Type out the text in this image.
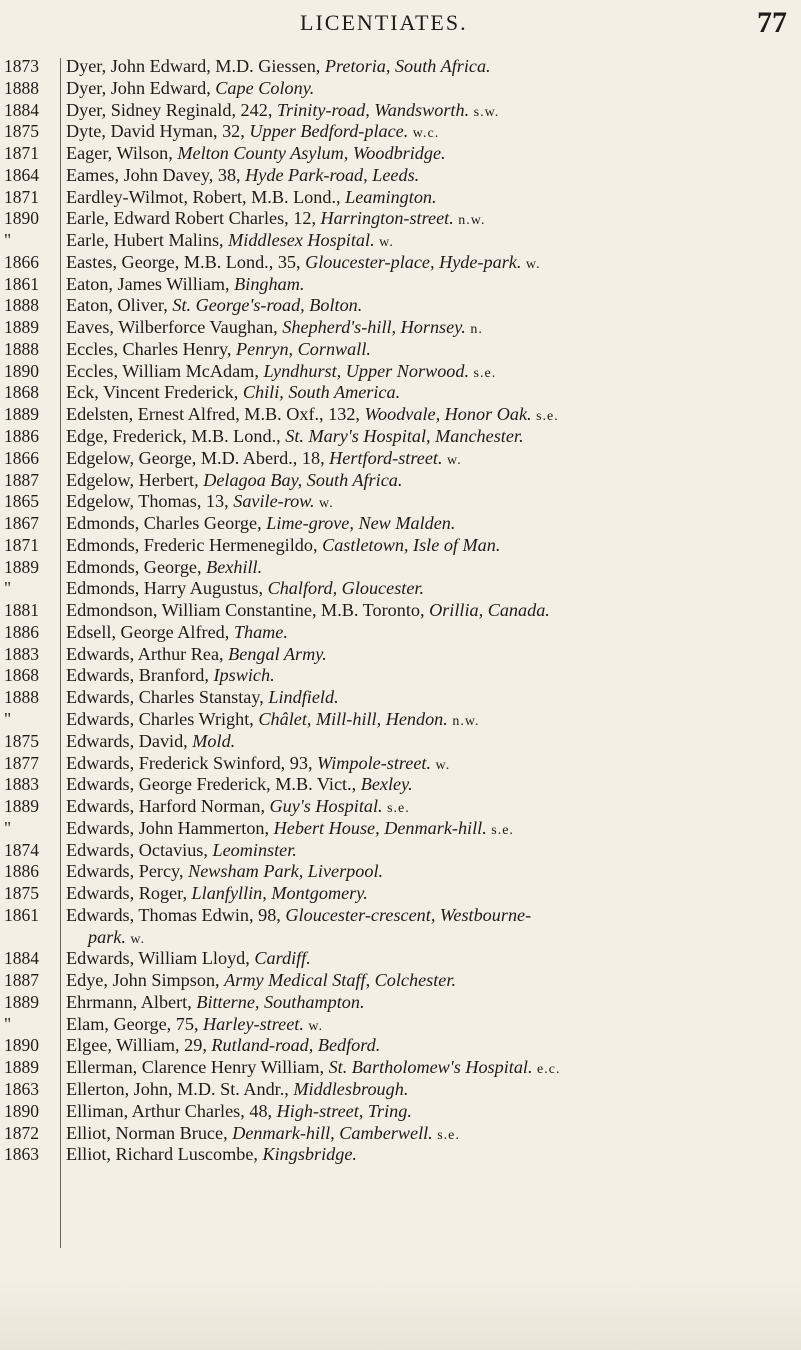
LICENTIATES.	77
1873	Dyer, John Edward, M.D. Giessen, Pretoria, South Africa.
1888	Dyer, John Edward, Cape Colony.
1884	Dyer, Sidney Reginald, 242, Trinity-road, Wandsworth. s.w.
1875	Dyte, David Hyman, 32, Upper Bedford-place. w.c.
1871	Eager, Wilson, Melton County Asylum, Woodbridge.
1864	Eames, John Davey, 38, Hyde Park-road, Leeds.
1871	Eardley-Wilmot, Robert, M.B. Lond., Leamington.
1890	Earle, Edward Robert Charles, 12, Harrington-street. n.w.
"	Earle, Hubert Malins, Middlesex Hospital. w.
1866	Eastes, George, M.B. Lond., 35, Gloucester-place, Hyde-park. w.
1861	Eaton, James William, Bingham.
1888	Eaton, Oliver, St. George's-road, Bolton.
1889	Eaves, Wilberforce Vaughan, Shepherd's-hill, Hornsey. n.
1888	Eccles, Charles Henry, Penryn, Cornwall.
1890	Eccles, William McAdam, Lyndhurst, Upper Norwood. s.e.
1868	Eck, Vincent Frederick, Chili, South America.
1889	Edelsten, Ernest Alfred, M.B. Oxf., 132, Woodvale, Honor Oak. s.e.
1886	Edge, Frederick, M.B. Lond., St. Mary's Hospital, Manchester.
1866	Edgelow, George, M.D. Aberd., 18, Hertford-street. w.
1887	Edgelow, Herbert, Delagoa Bay, South Africa.
1865	Edgelow, Thomas, 13, Savile-row. w.
1867	Edmonds, Charles George, Lime-grove, New Malden.
1871	Edmonds, Frederic Hermenegildo, Castletown, Isle of Man.
1889	Edmonds, George, Bexhill.
"	Edmonds, Harry Augustus, Chalford, Gloucester.
1881	Edmondson, William Constantine, M.B. Toronto, Orillia, Canada.
1886	Edsell, George Alfred, Thame.
1883	Edwards, Arthur Rea, Bengal Army.
1868	Edwards, Branford, Ipswich.
1888	Edwards, Charles Stanstay, Lindfield.
"	Edwards, Charles Wright, Châlet, Mill-hill, Hendon. n.w.
1875	Edwards, David, Mold.
1877	Edwards, Frederick Swinford, 93, Wimpole-street. w.
1883	Edwards, George Frederick, M.B. Vict., Bexley.
1889	Edwards, Harford Norman, Guy's Hospital. s.e.
"	Edwards, John Hammerton, Hebert House, Denmark-hill. s.e.
1874	Edwards, Octavius, Leominster.
1886	Edwards, Percy, Newsham Park, Liverpool.
1875	Edwards, Roger, Llanfyllin, Montgomery.
1861	Edwards, Thomas Edwin, 98, Gloucester-crescent, Westbourne-
park. w.
1884	Edwards, William Lloyd, Cardiff.
1887	Edye, John Simpson, Army Medical Staff, Colchester.
1889	Ehrmann, Albert, Bitterne, Southampton.
"	Elam, George, 75, Harley-street. w.
1890	Elgee, William, 29, Rutland-road, Bedford.
1889	Ellerman, Clarence Henry William, St. Bartholomew's Hospital. e.c.
1863	Ellerton, John, M.D. St. Andr., Middlesbrough.
1890	Elliman, Arthur Charles, 48, High-street, Tring.
1872	Elliot, Norman Bruce, Denmark-hill, Camberwell. s.e.
1863	Elliot, Richard Luscombe, Kingsbridge.
